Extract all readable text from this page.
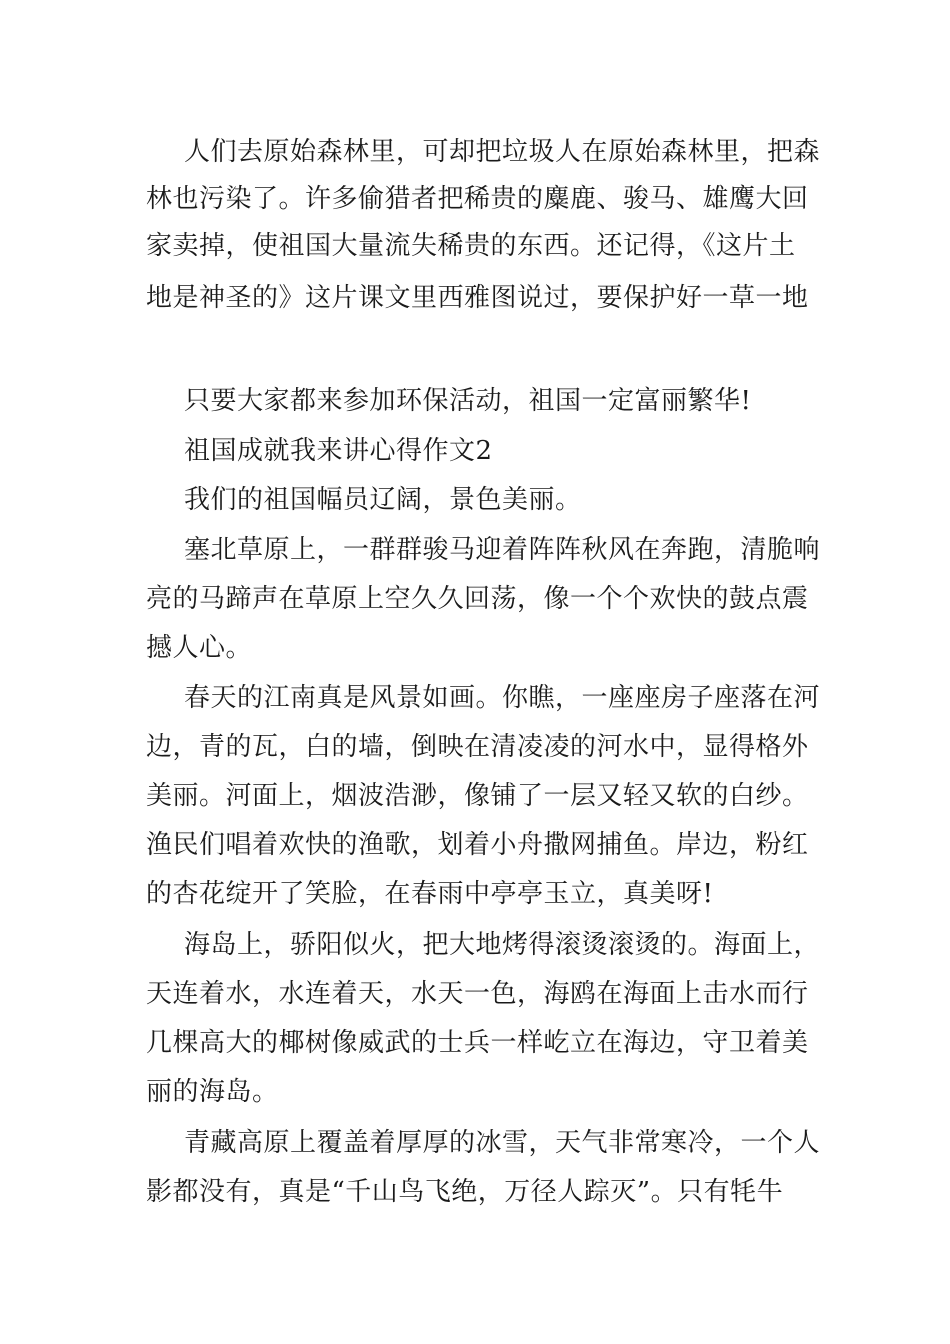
人们去原始森林里，可却把垃圾人在原始森林里，把森
林也污染了。许多偷猎者把稀贵的麋鹿、骏马、雄鹰大回
家卖掉，使祖国大量流失稀贵的东西。还记得，《这片土
地是神圣的》这片课文里西雅图说过，要保护好一草一地
只要大家都来参加环保活动，祖国一定富丽繁华!
祖国成就我来讲心得作文2
我们的祖国幅员辽阔，景色美丽。
塞北草原上，一群群骏马迎着阵阵秋风在奔跑，清脆响
亮的马蹄声在草原上空久久回荡，像一个个欢快的鼓点震
撼人心。
春天的江南真是风景如画。你瞧，一座座房子座落在河
边，青的瓦，白的墙，倒映在清凌凌的河水中，显得格外
美丽。河面上，烟波浩渺，像铺了一层又轻又软的白纱。
渔民们唱着欢快的渔歌，划着小舟撒网捕鱼。岸边，粉红
的杏花绽开了笑脸，在春雨中亭亭玉立，真美呀!
海岛上，骄阳似火，把大地烤得滚烫滚烫的。海面上，
天连着水，水连着天，水天一色，海鸥在海面上击水而行
几棵高大的椰树像威武的士兵一样屹立在海边，守卫着美
丽的海岛。
青藏高原上覆盖着厚厚的冰雪，天气非常寒冷，一个人
影都没有，真是“千山鸟飞绝，万径人踪灭”。只有牦牛
